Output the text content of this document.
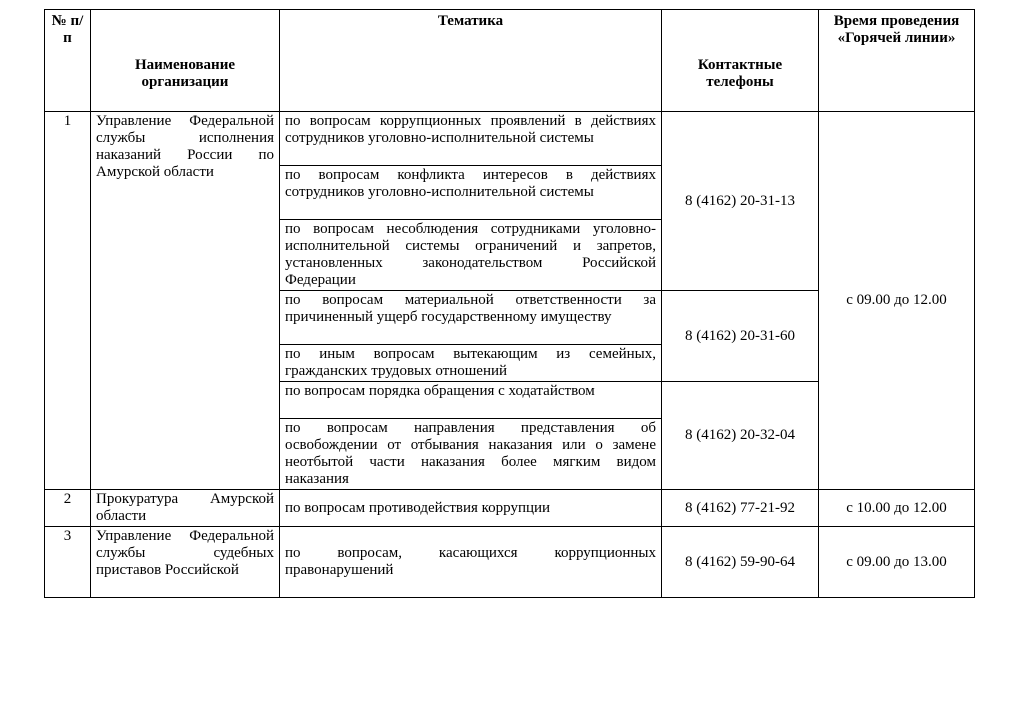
№ п/п	Наименование организации	Тематика	Контактные телефоны	Время проведения «Горячей линии»
1	Управление Федеральной службы исполнения наказаний России по Амурской области	по вопросам коррупционных проявлений в действиях сотрудников уголовно-исполнительной системы	8 (4162) 20-31-13	с 09.00 до 12.00
		по вопросам конфликта интересов в действиях сотрудников уголовно-исполнительной системы		
		по вопросам несоблюдения сотрудниками уголовно-исполнительной системы ограничений и запретов, установленных законодательством Российской Федерации		
		по вопросам материальной ответственности за причиненный ущерб государственному имуществу	8 (4162) 20-31-60	
		по иным вопросам вытекающим из семейных, гражданских трудовых отношений		
		по вопросам порядка обращения с ходатайством	8 (4162) 20-32-04	
		по вопросам направления представления об освобождении от отбывания наказания или о замене неотбытой части наказания более мягким видом наказания		
2	Прокуратура Амурской области	по вопросам противодействия коррупции	8 (4162) 77-21-92	с 10.00 до 12.00
3	Управление Федеральной службы судебных приставов Российской	по вопросам, касающихся коррупционных правонарушений	8 (4162) 59-90-64	с 09.00 до 13.00
